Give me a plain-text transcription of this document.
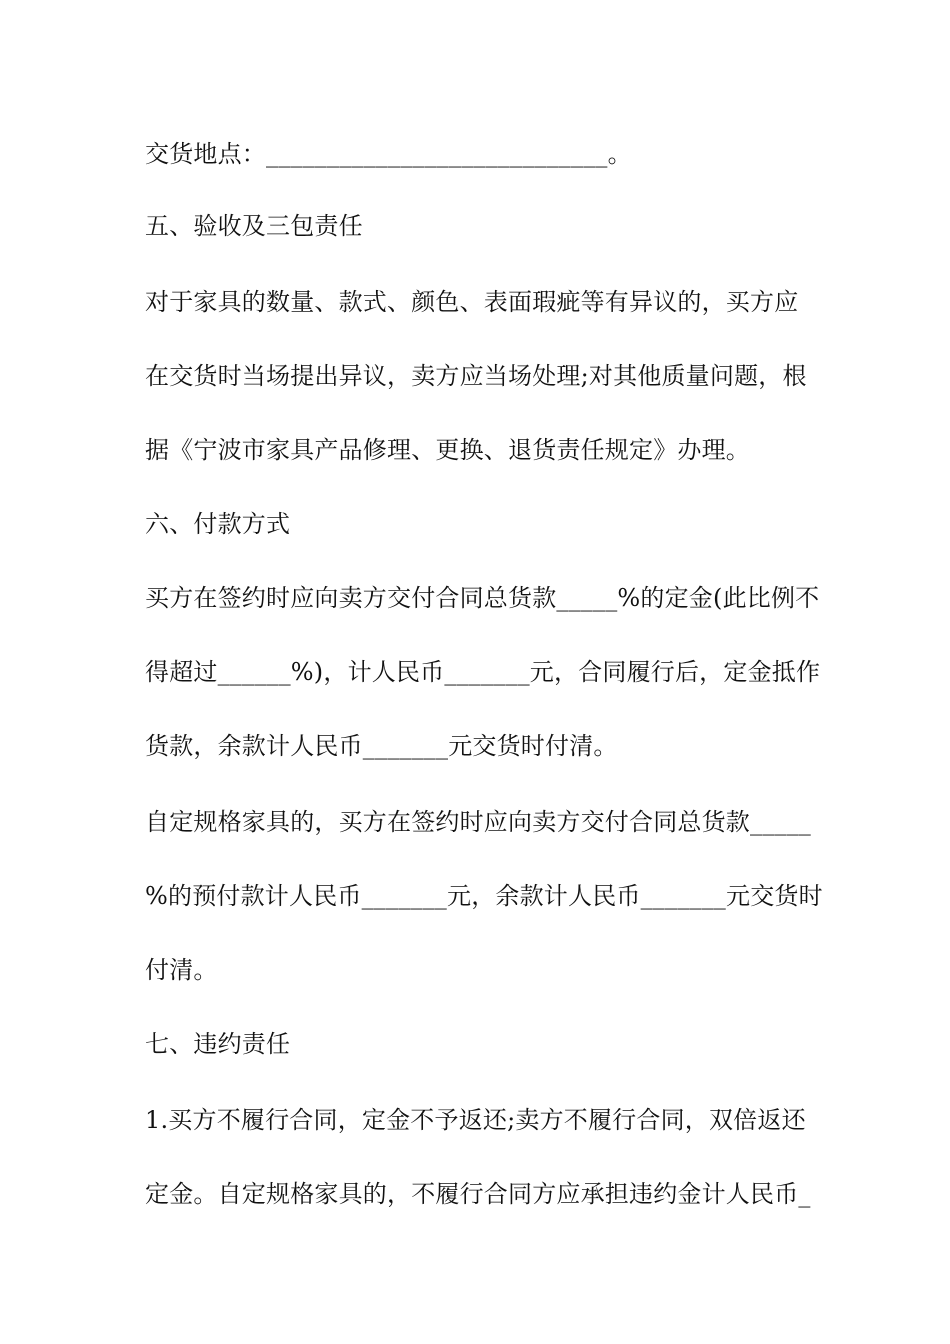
交货地点：____________________________。
五、验收及三包责任
对于家具的数量、款式、颜色、表面瑕疵等有异议的，买方应
在交货时当场提出异议，卖方应当场处理;对其他质量问题，根
据《宁波市家具产品修理、更换、退货责任规定》办理。
六、付款方式
买方在签约时应向卖方交付合同总货款_____%的定金(此比例不
得超过______%)，计人民币_______元，合同履行后，定金抵作
货款，余款计人民币_______元交货时付清。
自定规格家具的，买方在签约时应向卖方交付合同总货款_____
%的预付款计人民币_______元，余款计人民币_______元交货时
付清。
七、违约责任
1.买方不履行合同，定金不予返还;卖方不履行合同，双倍返还
定金。自定规格家具的，不履行合同方应承担违约金计人民币_
